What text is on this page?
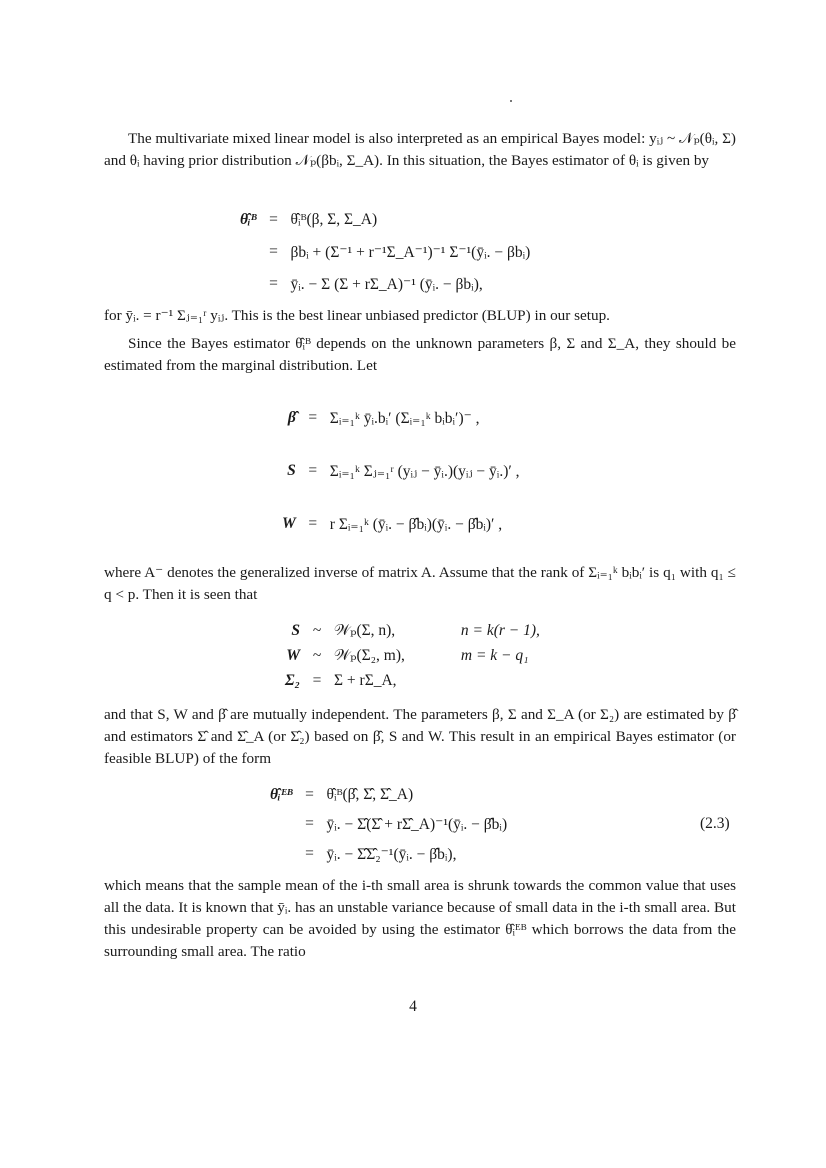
The multivariate mixed linear model is also interpreted as an empirical Bayes model: yᵢⱼ ~ 𝒩ₚ(θᵢ, Σ) and θᵢ having prior distribution 𝒩ₚ(βbᵢ, Σ_A). In this situation, the Bayes estimator of θᵢ is given by

θ̂ᵢᴮ = θ̂ᵢᴮ(β, Σ, Σ_A)
= βbᵢ + (Σ⁻¹ + r⁻¹Σ_A⁻¹)⁻¹ Σ⁻¹(ȳᵢ. − βbᵢ)
= ȳᵢ. − Σ (Σ + rΣ_A)⁻¹ (ȳᵢ. − βbᵢ),

for ȳᵢ. = r⁻¹ Σⱼ₌₁ʳ yᵢⱼ. This is the best linear unbiased predictor (BLUP) in our setup.

Since the Bayes estimator θ̂ᵢᴮ depends on the unknown parameters β, Σ and Σ_A, they should be estimated from the marginal distribution. Let

β̂ = Σᵢ₌₁ᵏ ȳᵢ.bᵢ′ (Σᵢ₌₁ᵏ bᵢbᵢ′)⁻ ,
S = Σᵢ₌₁ᵏ Σⱼ₌₁ʳ (yᵢⱼ − ȳᵢ.)(yᵢⱼ − ȳᵢ.)′ ,
W = r Σᵢ₌₁ᵏ (ȳᵢ. − β̂bᵢ)(ȳᵢ. − β̂bᵢ)′ ,

where A⁻ denotes the generalized inverse of matrix A. Assume that the rank of Σᵢ₌₁ᵏ bᵢbᵢ′ is q₁ with q₁ ≤ q < p. Then it is seen that

S ~ 𝒲ₚ(Σ, n),	n = k(r − 1),
W ~ 𝒲ₚ(Σ₂, m),	m = k − q₁
Σ₂ = Σ + rΣ_A,

and that S, W and β̂ are mutually independent. The parameters β, Σ and Σ_A (or Σ₂) are estimated by β̂ and estimators Σ̂ and Σ̂_A (or Σ̂₂) based on β̂, S and W. This result in an empirical Bayes estimator (or feasible BLUP) of the form

θ̂ᵢᴱᴮ = θ̂ᵢᴮ(β̂, Σ̂, Σ̂_A)
= ȳᵢ. − Σ̂(Σ̂ + rΣ̂_A)⁻¹(ȳᵢ. − β̂bᵢ)
= ȳᵢ. − Σ̂Σ̂₂⁻¹(ȳᵢ. − β̂bᵢ),
(2.3)

which means that the sample mean of the i-th small area is shrunk towards the common value that uses all the data. It is known that ȳᵢ. has an unstable variance because of small data in the i-th small area. But this undesirable property can be avoided by using the estimator θ̂ᵢᴱᴮ which borrows the data from the surrounding small area. The ratio

4
